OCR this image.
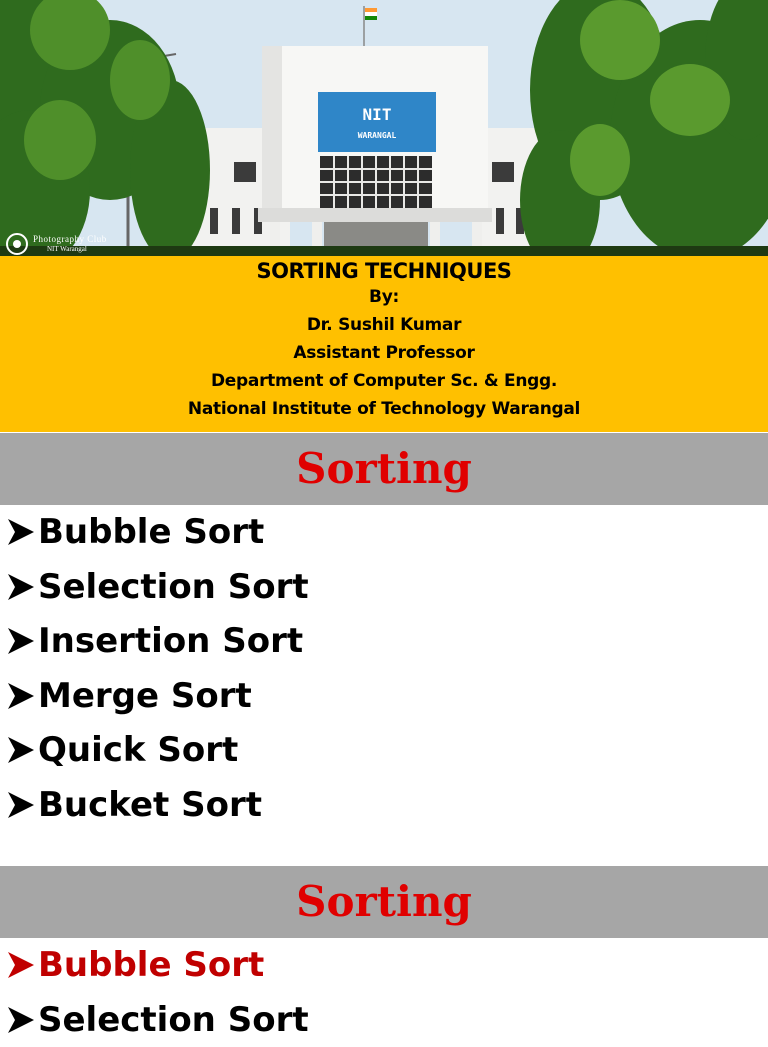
NIT
WARANGAL
Photography Club
NIT Warangal
SORTING TECHNIQUES
By:
Dr. Sushil Kumar
Assistant Professor
Department of Computer Sc. & Engg.
National Institute of Technology Warangal
Sorting
Bubble Sort
Selection Sort
Insertion Sort
Merge Sort
Quick Sort
Bucket Sort
Sorting
Bubble Sort
Selection Sort
